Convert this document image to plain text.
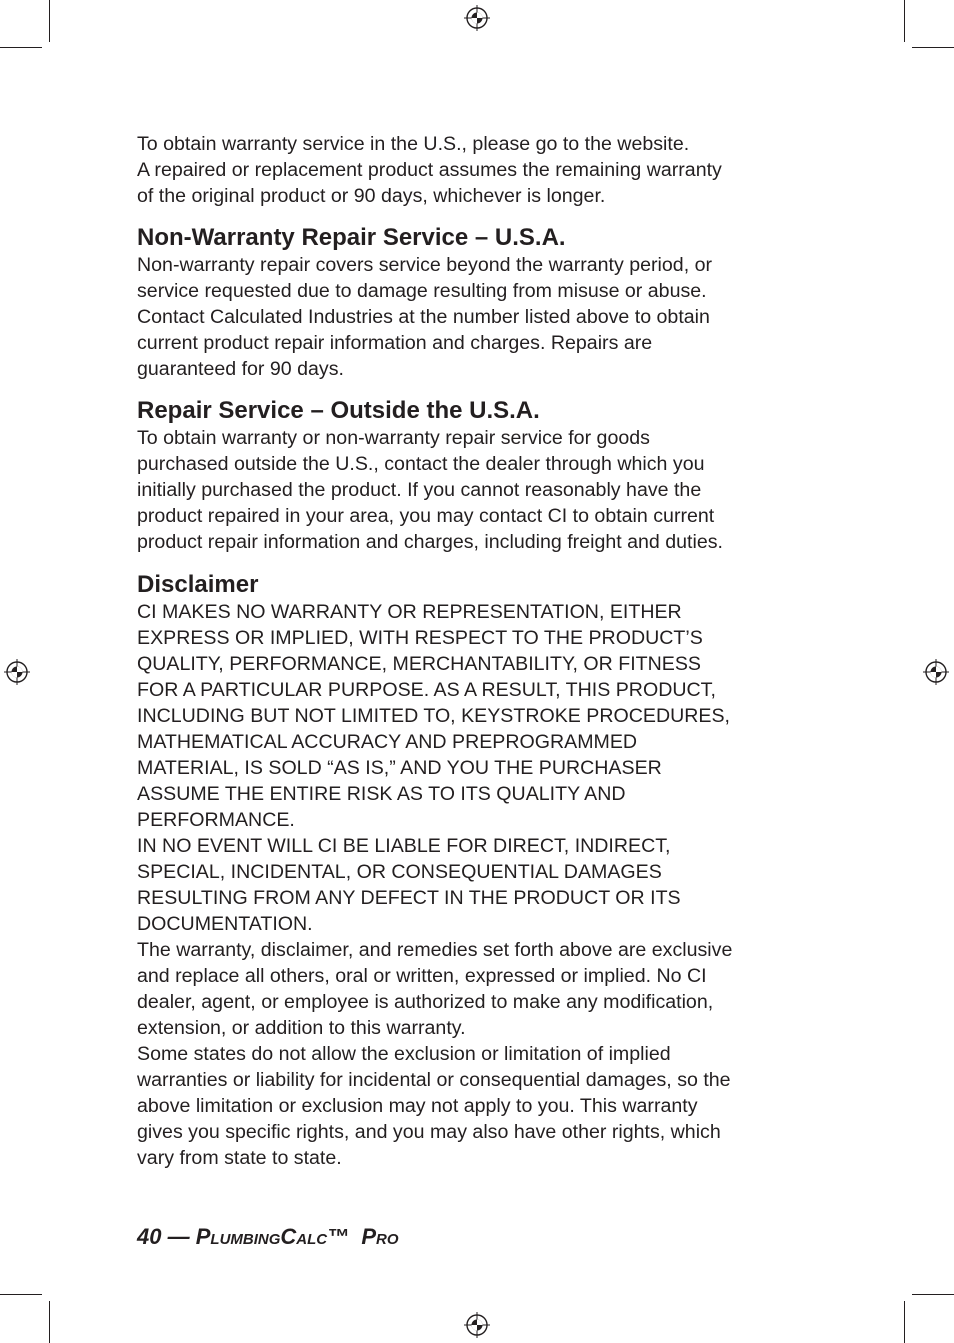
To obtain warranty service in the U.S., please go to the website.

A repaired or replacement product assumes the remaining warranty

of the original product or 90 days, whichever is longer.

Non-Warranty Repair Service – U.S.A.

Non-warranty repair covers service beyond the warranty period, or

service requested due to damage resulting from misuse or abuse.

Contact Calculated Industries at the number listed above to obtain

current product repair information and charges. Repairs are

guaranteed for 90 days.

Repair Service – Outside the U.S.A.

To obtain warranty or non-warranty repair service for goods

purchased outside the U.S., contact the dealer through which you

initially purchased the product. If you cannot reasonably have the

product repaired in your area, you may contact CI to obtain current

product repair information and charges, including freight and duties.

Disclaimer

CI MAKES NO WARRANTY OR REPRESENTATION, EITHER

EXPRESS OR IMPLIED, WITH RESPECT TO THE PRODUCT’S

QUALITY, PERFORMANCE, MERCHANTABILITY, OR FITNESS

FOR A PARTICULAR PURPOSE. AS A RESULT, THIS PRODUCT,

INCLUDING BUT NOT LIMITED TO, KEYSTROKE PROCEDURES,

MATHEMATICAL ACCURACY AND PREPROGRAMMED

MATERIAL, IS SOLD “AS IS,” AND YOU THE PURCHASER

ASSUME THE ENTIRE RISK AS TO ITS QUALITY AND

PERFORMANCE.

IN NO EVENT WILL CI BE LIABLE FOR DIRECT, INDIRECT,

SPECIAL, INCIDENTAL, OR CONSEQUENTIAL DAMAGES

RESULTING FROM ANY DEFECT IN THE PRODUCT OR ITS

DOCUMENTATION.

The warranty, disclaimer, and remedies set forth above are exclusive

and replace all others, oral or written, expressed or implied. No CI

dealer, agent, or employee is authorized to make any modification,

extension, or addition to this warranty.

Some states do not allow the exclusion or limitation of implied

warranties or liability for incidental or consequential damages, so the

above limitation or exclusion may not apply to you. This warranty

gives you specific rights, and you may also have other rights, which

vary from state to state.

40 — PLUMBINGCALC™ PRO
